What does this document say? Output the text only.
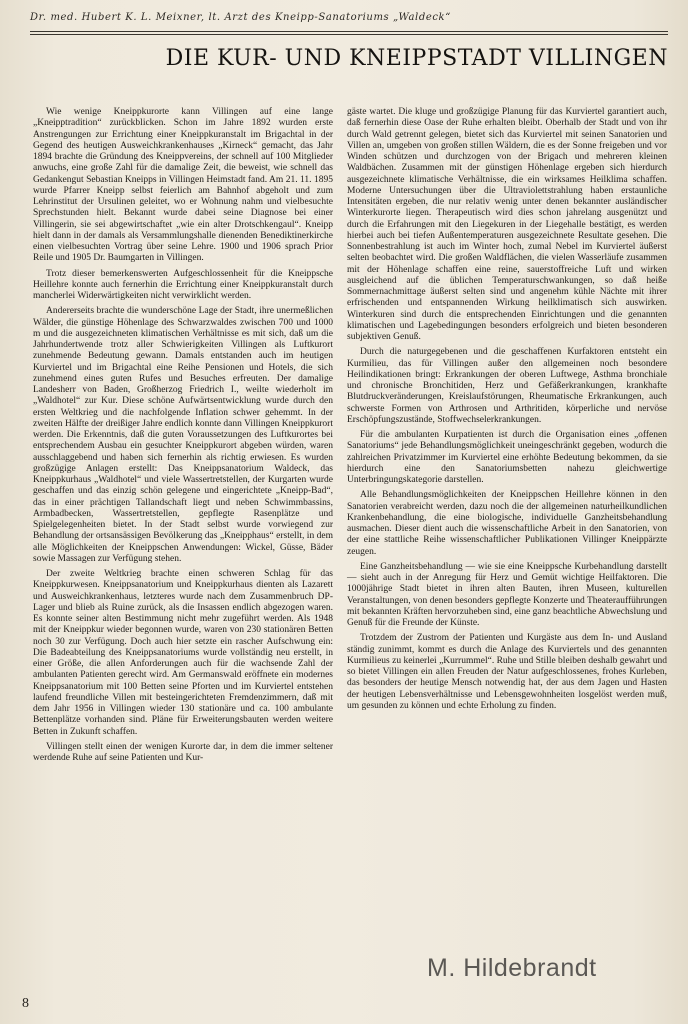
Dr. med. Hubert K. L. Meixner, lt. Arzt des Kneipp-Sanatoriums „Waldeck“
DIE KUR- UND KNEIPPSTADT VILLINGEN

Wie wenige Kneippkurorte kann Villingen auf eine lange „Kneipptradition“ zurückblicken. Schon im Jahre 1892 wurden erste Anstrengungen zur Errichtung einer Kneippkuranstalt im Brigachtal in der Gegend des heutigen Ausweichkrankenhauses „Kirneck“ gemacht, das Jahr 1894 brachte die Gründung des Kneippvereins, der schnell auf 100 Mitglieder anwuchs, eine große Zahl für die damalige Zeit, die beweist, wie schnell das Gedankengut Sebastian Kneipps in Villingen Heimstadt fand. Am 21. 11. 1895 wurde Pfarrer Kneipp selbst feierlich am Bahnhof abgeholt und zum Lehrinstitut der Ursulinen geleitet, wo er Wohnung nahm und vielbesuchte Sprechstunden hielt. Bekannt wurde dabei seine Diagnose bei einer Villingerin, sie sei abgewirtschaftet „wie ein alter Drotschkengaul“. Kneipp hielt dann in der damals als Versammlungshalle dienenden Benediktinerkirche einen vielbesuchten Vortrag über seine Lehre. 1900 und 1906 sprach Prior Reile und 1905 Dr. Baumgarten in Villingen.

Trotz dieser bemerkenswerten Aufgeschlossenheit für die Kneippsche Heillehre konnte auch fernerhin die Errichtung einer Kneippkuranstalt durch mancherlei Widerwärtigkeiten nicht verwirklicht werden.

Andererseits brachte die wunderschöne Lage der Stadt, ihre unermeßlichen Wälder, die günstige Höhenlage des Schwarzwaldes zwischen 700 und 1000 m und die ausgezeichneten klimatischen Verhältnisse es mit sich, daß um die Jahrhundertwende trotz aller Schwierigkeiten Villingen als Luftkurort zunehmende Bedeutung gewann. Damals entstanden auch im heutigen Kurviertel und im Brigachtal eine Reihe Pensionen und Hotels, die sich zunehmend eines guten Rufes und Besuches erfreuten. Der damalige Landesherr von Baden, Großherzog Friedrich I., weilte wiederholt im „Waldhotel“ zur Kur. Diese schöne Aufwärtsentwicklung wurde durch den ersten Weltkrieg und die nachfolgende Inflation schwer gehemmt. In der zweiten Hälfte der dreißiger Jahre endlich konnte dann Villingen Kneippkurort werden. Die Erkenntnis, daß die guten Voraussetzungen des Luftkurortes bei entsprechendem Ausbau ein gesuchter Kneippkurort abgeben würden, waren ausschlaggebend und haben sich fernerhin als richtig erwiesen. Es wurden großzügige Anlagen erstellt: Das Kneippsanatorium Waldeck, das Kneippkurhaus „Waldhotel“ und viele Wassertretstellen, der Kurgarten wurde geschaffen und das einzig schön gelegene und eingerichtete „Kneipp-Bad“, das in einer prächtigen Tallandschaft liegt und neben Schwimmbassins, Armbadbecken, Wassertretstellen, gepflegte Rasenplätze und Spielgelegenheiten bietet. In der Stadt selbst wurde vorwiegend zur Behandlung der ortsansässigen Bevölkerung das „Kneipphaus“ erstellt, in dem alle Möglichkeiten der Kneippschen Anwendungen: Wickel, Güsse, Bäder sowie Massagen zur Verfügung stehen.

Der zweite Weltkrieg brachte einen schweren Schlag für das Kneippkurwesen. Kneippsanatorium und Kneippkurhaus dienten als Lazarett und Ausweichkrankenhaus, letzteres wurde nach dem Zusammenbruch DP-Lager und blieb als Ruine zurück, als die Insassen endlich abgezogen waren. Es konnte seiner alten Bestimmung nicht mehr zugeführt werden. Als 1948 mit der Kneippkur wieder begonnen wurde, waren von 230 stationären Betten noch 30 zur Verfügung. Doch auch hier setzte ein rascher Aufschwung ein: Die Badeabteilung des Kneippsanatoriums wurde vollständig neu erstellt, in einer Größe, die allen Anforderungen auch für die wachsende Zahl der ambulanten Patienten gerecht wird. Am Germanswald eröffnete ein modernes Kneippsanatorium mit 100 Betten seine Pforten und im Kurviertel entstehen laufend freundliche Villen mit besteingerichteten Fremdenzimmern, daß mit dem Jahr 1956 in Villingen wieder 130 stationäre und ca. 100 ambulante Bettenplätze vorhanden sind. Pläne für Erweiterungsbauten werden weitere Betten in Zukunft schaffen.

Villingen stellt einen der wenigen Kurorte dar, in dem die immer seltener werdende Ruhe auf seine Patienten und Kur-

gäste wartet. Die kluge und großzügige Planung für das Kurviertel garantiert auch, daß fernerhin diese Oase der Ruhe erhalten bleibt. Oberhalb der Stadt und von ihr durch Wald getrennt gelegen, bietet sich das Kurviertel mit seinen Sanatorien und Villen an, umgeben von großen stillen Wäldern, die es der Sonne freigeben und vor Winden schützen und durchzogen von der Brigach und mehreren kleinen Waldbächen. Zusammen mit der günstigen Höhenlage ergeben sich hierdurch ausgezeichnete klimatische Verhältnisse, die ein wirksames Heilklima schaffen. Moderne Untersuchungen über die Ultraviolettstrahlung haben erstaunliche Intensitäten ergeben, die nur relativ wenig unter denen bekannter ausländischer Winterkurorte liegen. Therapeutisch wird dies schon jahrelang ausgenützt und durch die Erfahrungen mit den Liegekuren in der Liegehalle bestätigt, es werden hierbei auch bei tiefen Außentemperaturen ausgezeichnete Resultate gesehen. Die Sonnenbestrahlung ist auch im Winter hoch, zumal Nebel im Kurviertel äußerst selten beobachtet wird. Die großen Waldflächen, die vielen Wasserläufe zusammen mit der Höhenlage schaffen eine reine, sauerstoffreiche Luft und wirken ausgleichend auf die üblichen Temperaturschwankungen, so daß heiße Sommernachmittage äußerst selten sind und angenehm kühle Nächte mit ihrer erfrischenden und entspannenden Wirkung heilklimatisch sich auswirken. Winterkuren sind durch die entsprechenden Einrichtungen und die genannten klimatischen und Lagebedingungen besonders erfolgreich und bieten besonderen subjektiven Genuß.

Durch die naturgegebenen und die geschaffenen Kurfaktoren entsteht ein Kurmilieu, das für Villingen außer den allgemeinen noch besondere Heilindikationen bringt: Erkrankungen der oberen Luftwege, Asthma bronchiale und chronische Bronchitiden, Herz und Gefäßerkrankungen, krankhafte Blutdruckveränderungen, Kreislaufstörungen, Rheumatische Erkrankungen, auch schwerste Formen von Arthrosen und Arthritiden, körperliche und nervöse Erschöpfungszustände, Stoffwechselerkrankungen.

Für die ambulanten Kurpatienten ist durch die Organisation eines „offenen Sanatoriums“ jede Behandlungsmöglichkeit uneingeschränkt gegeben, wodurch die zahlreichen Privatzimmer im Kurviertel eine erhöhte Bedeutung bekommen, da sie hierdurch eine den Sanatoriumsbetten nahezu gleichwertige Unterbringungskategorie darstellen.

Alle Behandlungsmöglichkeiten der Kneippschen Heillehre können in den Sanatorien verabreicht werden, dazu noch die der allgemeinen naturheilkundlichen Krankenbehandlung, die eine biologische, individuelle Ganzheitsbehandlung ausmachen. Dieser dient auch die wissenschaftliche Arbeit in den Sanatorien, von der eine stattliche Reihe wissenschaftlicher Publikationen Villinger Kneippärzte zeugen.

Eine Ganzheitsbehandlung — wie sie eine Kneippsche Kurbehandlung darstellt — sieht auch in der Anregung für Herz und Gemüt wichtige Heilfaktoren. Die 1000jährige Stadt bietet in ihren alten Bauten, ihren Museen, kulturellen Veranstaltungen, von denen besonders gepflegte Konzerte und Theateraufführungen mit bekannten Kräften hervorzuheben sind, eine ganz beachtliche Abwechslung und Genuß für die Freunde der Künste.

Trotzdem der Zustrom der Patienten und Kurgäste aus dem In- und Ausland ständig zunimmt, kommt es durch die Anlage des Kurviertels und des genannten Kurmilieus zu keinerlei „Kurrummel“. Ruhe und Stille bleiben deshalb gewahrt und so bietet Villingen ein allen Freuden der Natur aufgeschlossenes, frohes Kurleben, das besonders der heutige Mensch notwendig hat, der aus dem Jagen und Hasten der heutigen Lebensverhältnisse und Lebensgewohnheiten losgelöst werden muß, um gesunden zu können und echte Erholung zu finden.

M. Hildebrandt
8
